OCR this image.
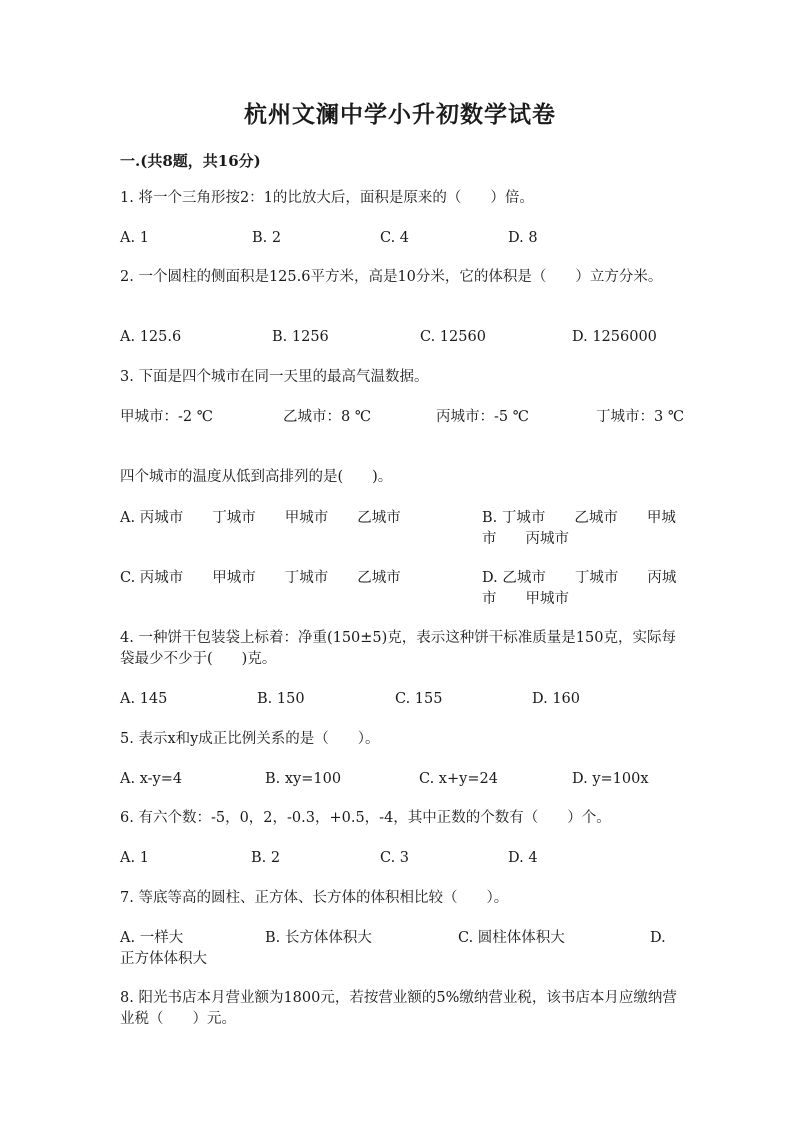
杭州文澜中学小升初数学试卷
一.(共8题，共16分)
1. 将一个三角形按2：1的比放大后，面积是原来的（　　）倍。
A. 1	B. 2	C. 4	D. 8
2. 一个圆柱的侧面积是125.6平方米，高是10分米，它的体积是（　　）立方分米。
A. 125.6	B. 1256	C. 12560	D. 1256000
3. 下面是四个城市在同一天里的最高气温数据。
甲城市：-2 ℃	乙城市：8 ℃	丙城市：-5 ℃	丁城市：3 ℃
四个城市的温度从低到高排列的是(　　)。
A. 丙城市　　丁城市　　甲城市　　乙城市	B. 丁城市　　乙城市　　甲城市　　丙城市
C. 丙城市　　甲城市　　丁城市　　乙城市	D. 乙城市　　丁城市　　丙城市　　甲城市
4. 一种饼干包装袋上标着：净重(150±5)克，表示这种饼干标准质量是150克，实际每袋最少不少于(　　)克。
A. 145	B. 150	C. 155	D. 160
5. 表示x和y成正比例关系的是（　　）。
A. x-y=4	B. xy=100	C. x+y=24	D. y=100x
6. 有六个数：-5，0，2，-0.3，+0.5，-4，其中正数的个数有（　　）个。
A. 1	B. 2	C. 3	D. 4
7. 等底等高的圆柱、正方体、长方体的体积相比较（　　）。
A. 一样大	B. 长方体体积大	C. 圆柱体体积大	D. 正方体体积大
8. 阳光书店本月营业额为1800元，若按营业额的5%缴纳营业税，该书店本月应缴纳营业税（　　）元。
